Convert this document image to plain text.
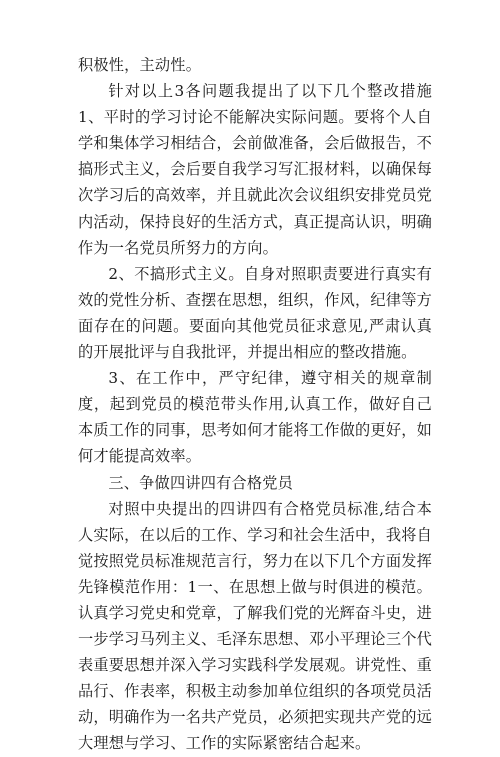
积极性，主动性。

针对以上3各问题我提出了以下几个整改措施1、平时的学习讨论不能解决实际问题。要将个人自学和集体学习相结合，会前做准备，会后做报告，不搞形式主义，会后要自我学习写汇报材料，以确保每次学习后的高效率，并且就此次会议组织安排党员党内活动，保持良好的生活方式，真正提高认识，明确作为一名党员所努力的方向。

2、不搞形式主义。自身对照职责要进行真实有效的党性分析、查摆在思想，组织，作风，纪律等方面存在的问题。要面向其他党员征求意见,严肃认真的开展批评与自我批评，并提出相应的整改措施。

3、在工作中，严守纪律，遵守相关的规章制度，起到党员的模范带头作用,认真工作，做好自己本质工作的同事，思考如何才能将工作做的更好，如何才能提高效率。

三、争做四讲四有合格党员

对照中央提出的四讲四有合格党员标准,结合本人实际，在以后的工作、学习和社会生活中，我将自觉按照党员标准规范言行，努力在以下几个方面发挥先锋模范作用：1一、在思想上做与时俱进的模范。认真学习党史和党章，了解我们党的光辉奋斗史，进一步学习马列主义、毛泽东思想、邓小平理论三个代表重要思想并深入学习实践科学发展观。讲党性、重品行、作表率，积极主动参加单位组织的各项党员活动，明确作为一名共产党员，必须把实现共产党的远大理想与学习、工作的实际紧密结合起来。
